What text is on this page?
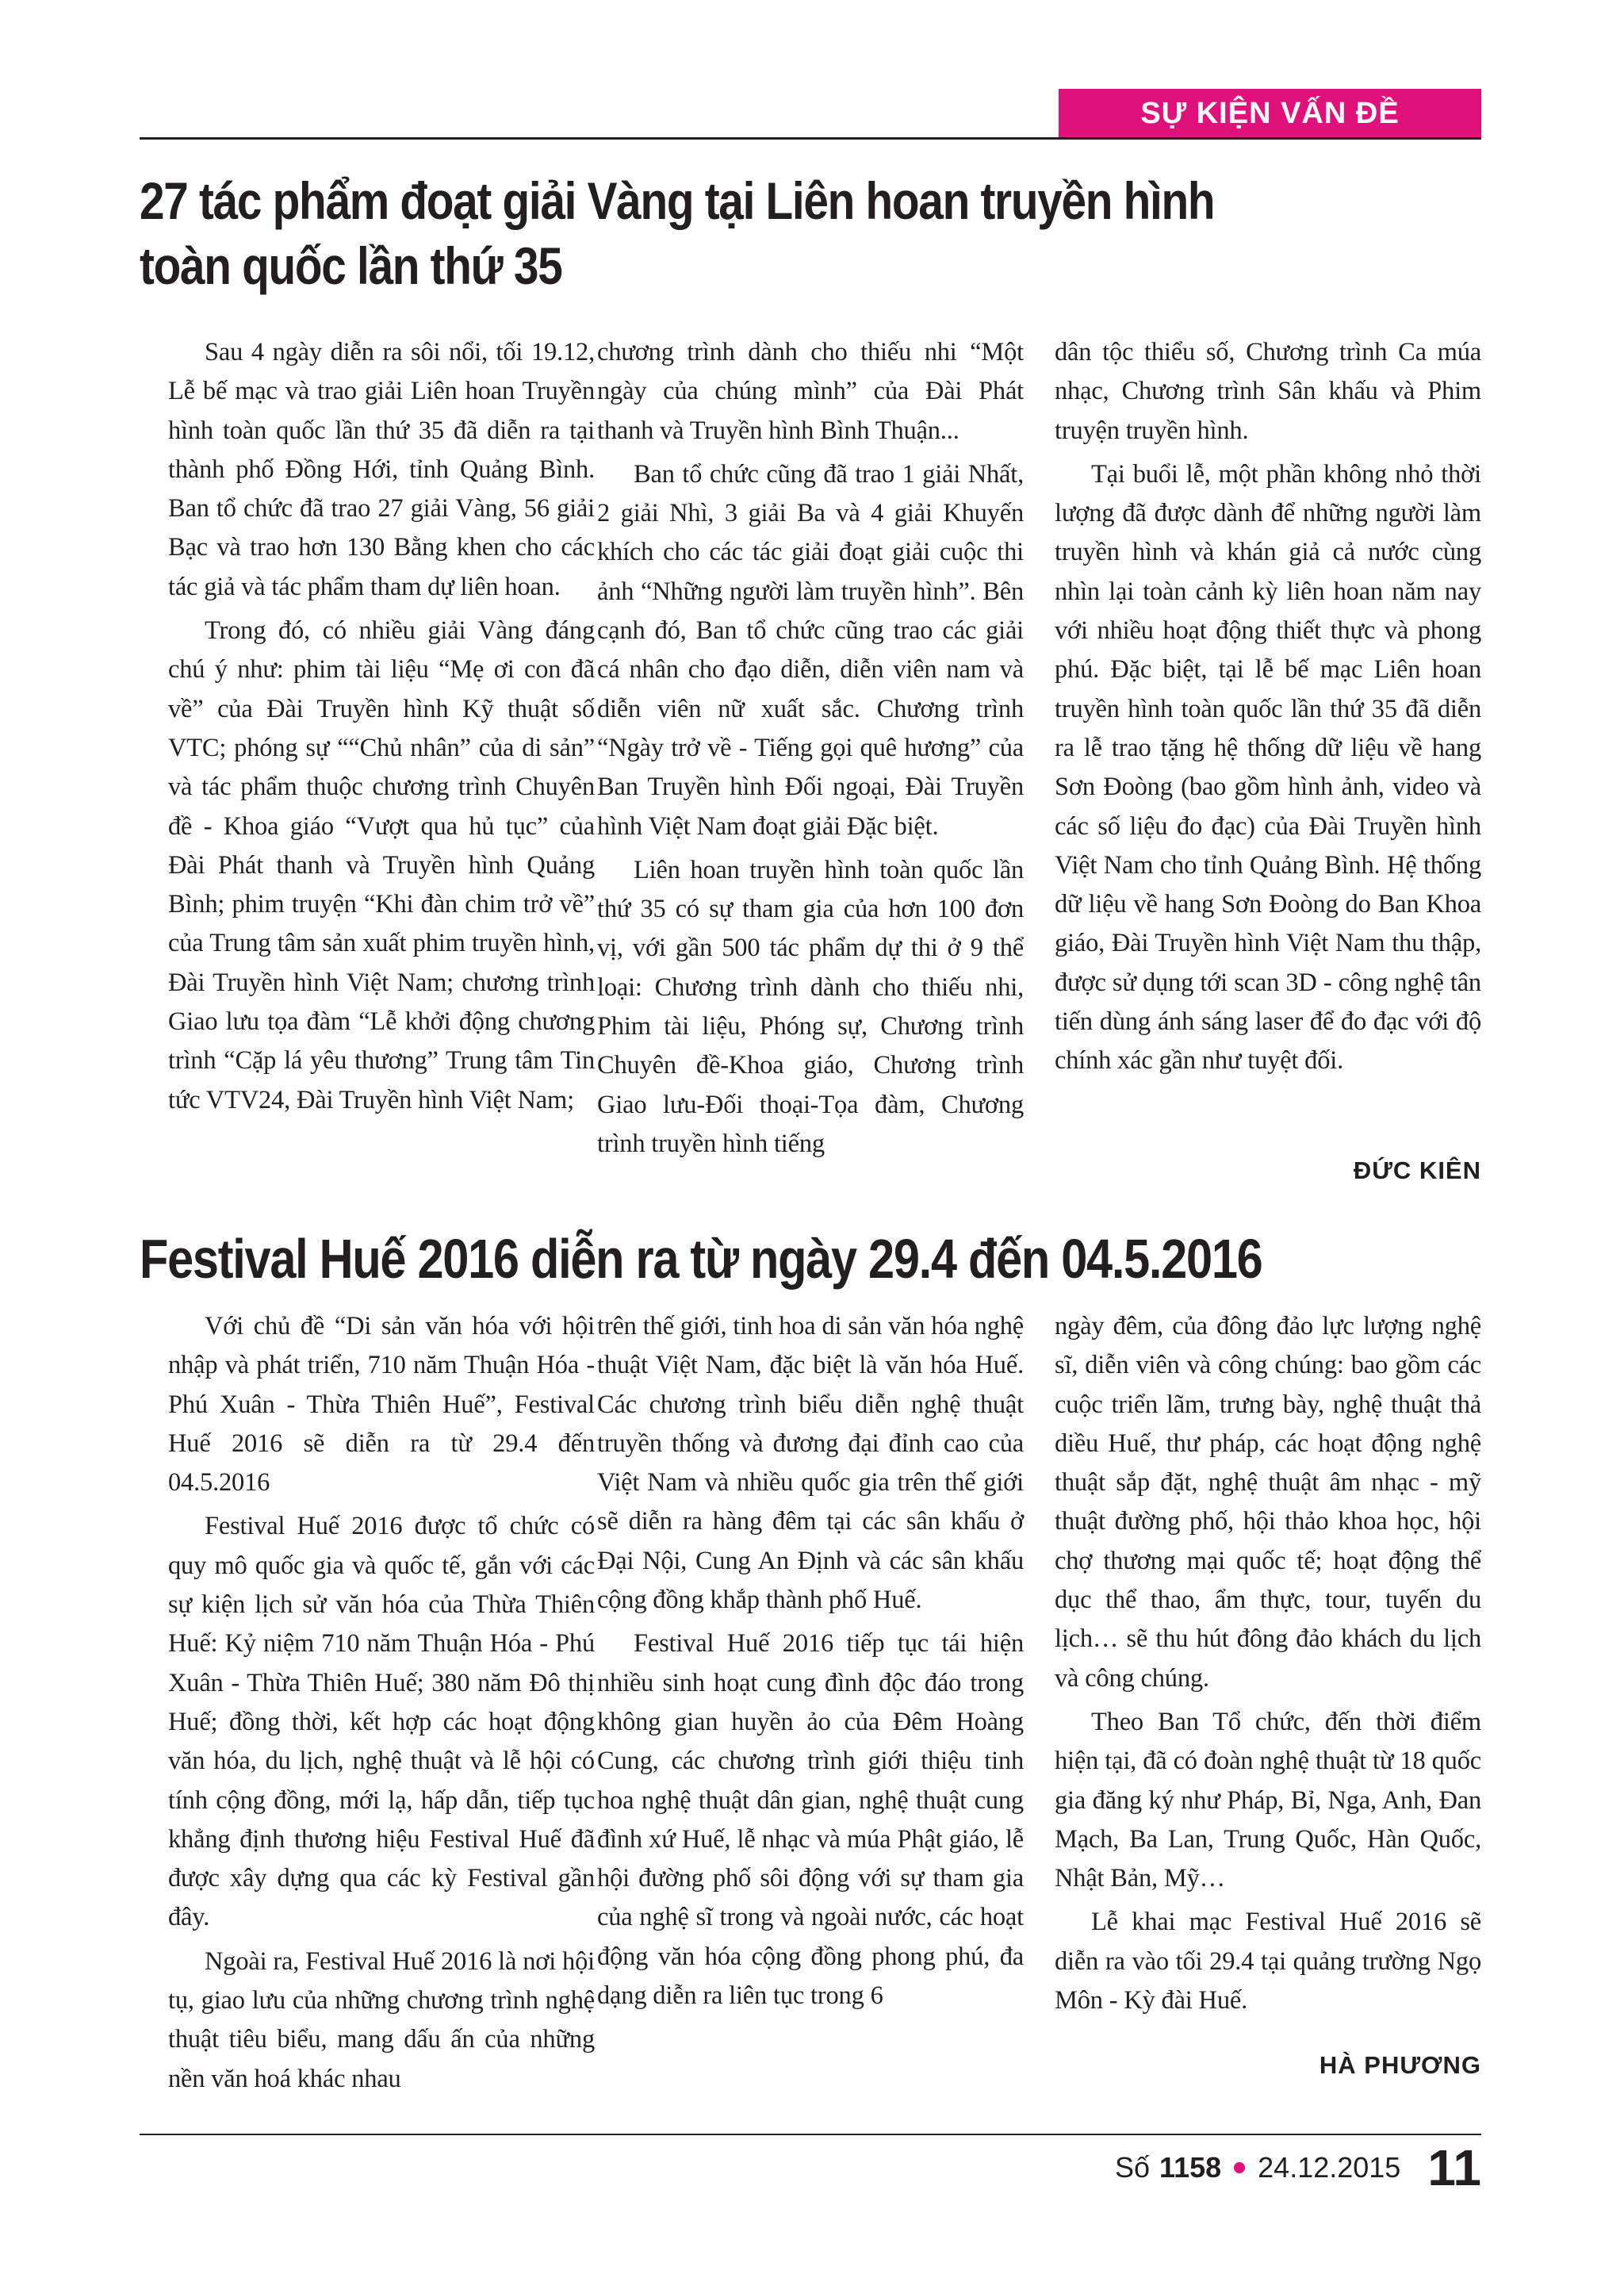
SỰ KIỆN VẤN ĐỀ
27 tác phẩm đoạt giải Vàng tại Liên hoan truyền hình
toàn quốc lần thứ 35

Sau 4 ngày diễn ra sôi nổi, tối 19.12, Lễ bế mạc và trao giải Liên hoan Truyền hình toàn quốc lần thứ 35 đã diễn ra tại thành phố Đồng Hới, tỉnh Quảng Bình. Ban tổ chức đã trao 27 giải Vàng, 56 giải Bạc và trao hơn 130 Bằng khen cho các tác giả và tác phẩm tham dự liên hoan.

Trong đó, có nhiều giải Vàng đáng chú ý như: phim tài liệu “Mẹ ơi con đã về” của Đài Truyền hình Kỹ thuật số VTC; phóng sự ““Chủ nhân” của di sản” và tác phẩm thuộc chương trình Chuyên đề - Khoa giáo “Vượt qua hủ tục” của Đài Phát thanh và Truyền hình Quảng Bình; phim truyện “Khi đàn chim trở về” của Trung tâm sản xuất phim truyền hình, Đài Truyền hình Việt Nam; chương trình Giao lưu tọa đàm “Lễ khởi động chương trình “Cặp lá yêu thương” Trung tâm Tin tức VTV24, Đài Truyền hình Việt Nam;

chương trình dành cho thiếu nhi “Một ngày của chúng mình” của Đài Phát thanh và Truyền hình Bình Thuận...

Ban tổ chức cũng đã trao 1 giải Nhất, 2 giải Nhì, 3 giải Ba và 4 giải Khuyến khích cho các tác giải đoạt giải cuộc thi ảnh “Những người làm truyền hình”. Bên cạnh đó, Ban tổ chức cũng trao các giải cá nhân cho đạo diễn, diễn viên nam và diễn viên nữ xuất sắc. Chương trình “Ngày trở về - Tiếng gọi quê hương” của Ban Truyền hình Đối ngoại, Đài Truyền hình Việt Nam đoạt giải Đặc biệt.

Liên hoan truyền hình toàn quốc lần thứ 35 có sự tham gia của hơn 100 đơn vị, với gần 500 tác phẩm dự thi ở 9 thể loại: Chương trình dành cho thiếu nhi, Phim tài liệu, Phóng sự, Chương trình Chuyên đề-Khoa giáo, Chương trình Giao lưu-Đối thoại-Tọa đàm, Chương trình truyền hình tiếng

dân tộc thiểu số, Chương trình Ca múa nhạc, Chương trình Sân khấu và Phim truyện truyền hình.

Tại buổi lễ, một phần không nhỏ thời lượng đã được dành để những người làm truyền hình và khán giả cả nước cùng nhìn lại toàn cảnh kỳ liên hoan năm nay với nhiều hoạt động thiết thực và phong phú. Đặc biệt, tại lễ bế mạc Liên hoan truyền hình toàn quốc lần thứ 35 đã diễn ra lễ trao tặng hệ thống dữ liệu về hang Sơn Đoòng (bao gồm hình ảnh, video và các số liệu đo đạc) của Đài Truyền hình Việt Nam cho tỉnh Quảng Bình. Hệ thống dữ liệu về hang Sơn Đoòng do Ban Khoa giáo, Đài Truyền hình Việt Nam thu thập, được sử dụng tới scan 3D - công nghệ tân tiến dùng ánh sáng laser để đo đạc với độ chính xác gần như tuyệt đối.

ĐỨC KIÊN
Festival Huế 2016 diễn ra từ ngày 29.4 đến 04.5.2016

Với chủ đề “Di sản văn hóa với hội nhập và phát triển, 710 năm Thuận Hóa - Phú Xuân - Thừa Thiên Huế”, Festival Huế 2016 sẽ diễn ra từ 29.4 đến 04.5.2016

Festival Huế 2016 được tổ chức có quy mô quốc gia và quốc tế, gắn với các sự kiện lịch sử văn hóa của Thừa Thiên Huế: Kỷ niệm 710 năm Thuận Hóa - Phú Xuân - Thừa Thiên Huế; 380 năm Đô thị Huế; đồng thời, kết hợp các hoạt động văn hóa, du lịch, nghệ thuật và lễ hội có tính cộng đồng, mới lạ, hấp dẫn, tiếp tục khẳng định thương hiệu Festival Huế đã được xây dựng qua các kỳ Festival gần đây.

Ngoài ra, Festival Huế 2016 là nơi hội tụ, giao lưu của những chương trình nghệ thuật tiêu biểu, mang dấu ấn của những nền văn hoá khác nhau

trên thế giới, tinh hoa di sản văn hóa nghệ thuật Việt Nam, đặc biệt là văn hóa Huế. Các chương trình biểu diễn nghệ thuật truyền thống và đương đại đỉnh cao của Việt Nam và nhiều quốc gia trên thế giới sẽ diễn ra hàng đêm tại các sân khấu ở Đại Nội, Cung An Định và các sân khấu cộng đồng khắp thành phố Huế.

Festival Huế 2016 tiếp tục tái hiện nhiều sinh hoạt cung đình độc đáo trong không gian huyền ảo của Đêm Hoàng Cung, các chương trình giới thiệu tinh hoa nghệ thuật dân gian, nghệ thuật cung đình xứ Huế, lễ nhạc và múa Phật giáo, lễ hội đường phố sôi động với sự tham gia của nghệ sĩ trong và ngoài nước, các hoạt động văn hóa cộng đồng phong phú, đa dạng diễn ra liên tục trong 6

ngày đêm, của đông đảo lực lượng nghệ sĩ, diễn viên và công chúng: bao gồm các cuộc triển lãm, trưng bày, nghệ thuật thả diều Huế, thư pháp, các hoạt động nghệ thuật sắp đặt, nghệ thuật âm nhạc - mỹ thuật đường phố, hội thảo khoa học, hội chợ thương mại quốc tế; hoạt động thể dục thể thao, ẩm thực, tour, tuyến du lịch… sẽ thu hút đông đảo khách du lịch và công chúng.

Theo Ban Tổ chức, đến thời điểm hiện tại, đã có đoàn nghệ thuật từ 18 quốc gia đăng ký như Pháp, Bỉ, Nga, Anh, Đan Mạch, Ba Lan, Trung Quốc, Hàn Quốc, Nhật Bản, Mỹ…

Lễ khai mạc Festival Huế 2016 sẽ diễn ra vào tối 29.4 tại quảng trường Ngọ Môn - Kỳ đài Huế.

HÀ PHƯƠNG
Số 1158 24.12.2015 11
